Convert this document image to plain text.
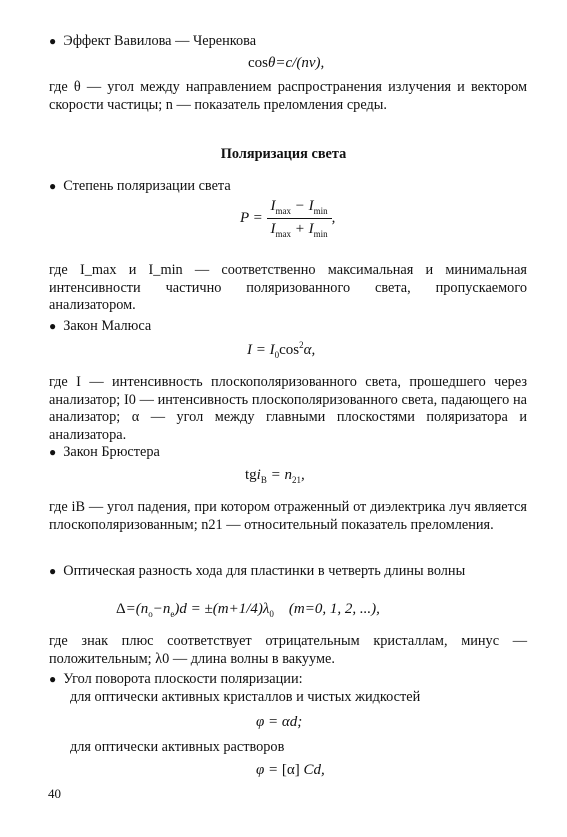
● Эффект Вавилова — Черенкова
cosθ=c/(nv),
где θ — угол между направлением распространения излучения и вектором скорости частицы; n — показатель преломления среды.
Поляризация света
● Степень поляризации света
$P = \frac{I_{max} - I_{min}}{I_{max} + I_{min}}$ ,
где I_max и I_min — соответственно максимальная и минимальная интенсивности частично поляризованного света, пропускаемого анализатором.
● Закон Малюса
$I = I_0\cos^2\alpha$,
где I — интенсивность плоскополяризованного света, прошедшего через анализатор; I0 — интенсивность плоскополяризованного света, падающего на анализатор; α — угол между главными плоскостями поляризатора и анализатора.
● Закон Брюстера
$tgi_B = n_{21}$,
где iB — угол падения, при котором отраженный от диэлектрика луч является плоскополяризованным; n21 — относительный показатель преломления.
● Оптическая разность хода для пластинки в четверть длины волны
$\Delta=(n_o-n_e)d = \pm(m+1/4)\lambda_0$    (m=0, 1, 2, ...),
где знак плюс соответствует отрицательным кристаллам, минус — положительным; λ0 — длина волны в вакууме.
● Угол поворота плоскости поляризации:
для оптически активных кристаллов и чистых жидкостей
φ = αd;
для оптически активных растворов
φ = [α] Cd,
40
